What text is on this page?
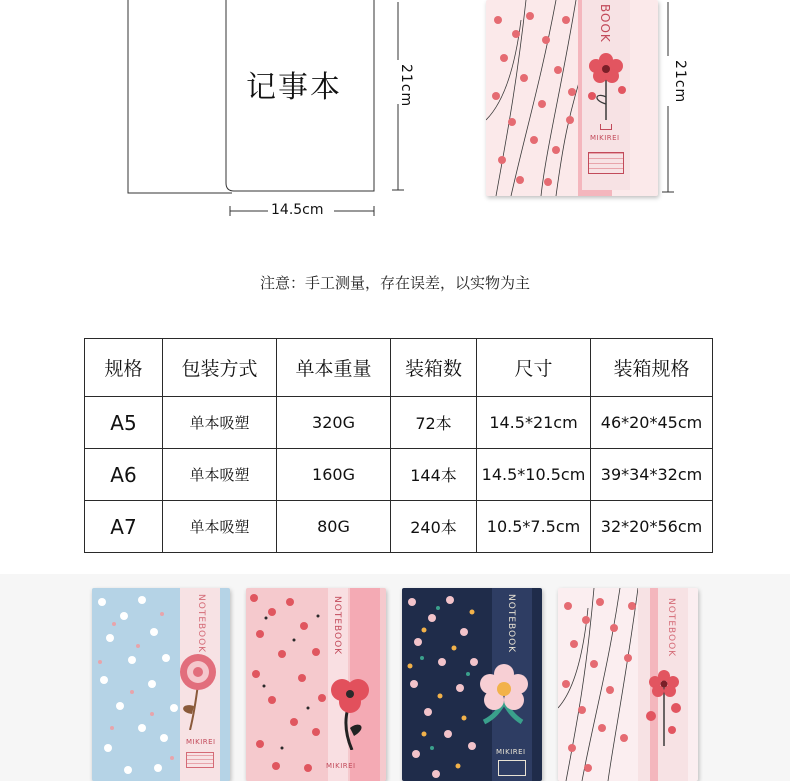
记事本	21cm
14.5cm
21cm
BOOK
MIKIREI
注意：手工测量，存在误差，以实物为主
规格	包装方式	单本重量	装箱数	尺寸	装箱规格
A5	单本吸塑	320G	72本	14.5*21cm	46*20*45cm
A6	单本吸塑	160G	144本	14.5*10.5cm	39*34*32cm
A7	单本吸塑	80G	240本	10.5*7.5cm	32*20*56cm
NOTEBOOK
MIKIREI
NOTEBOOK
MIKIREI
NOTEBOOK
MIKIREI
NOTEBOOK
